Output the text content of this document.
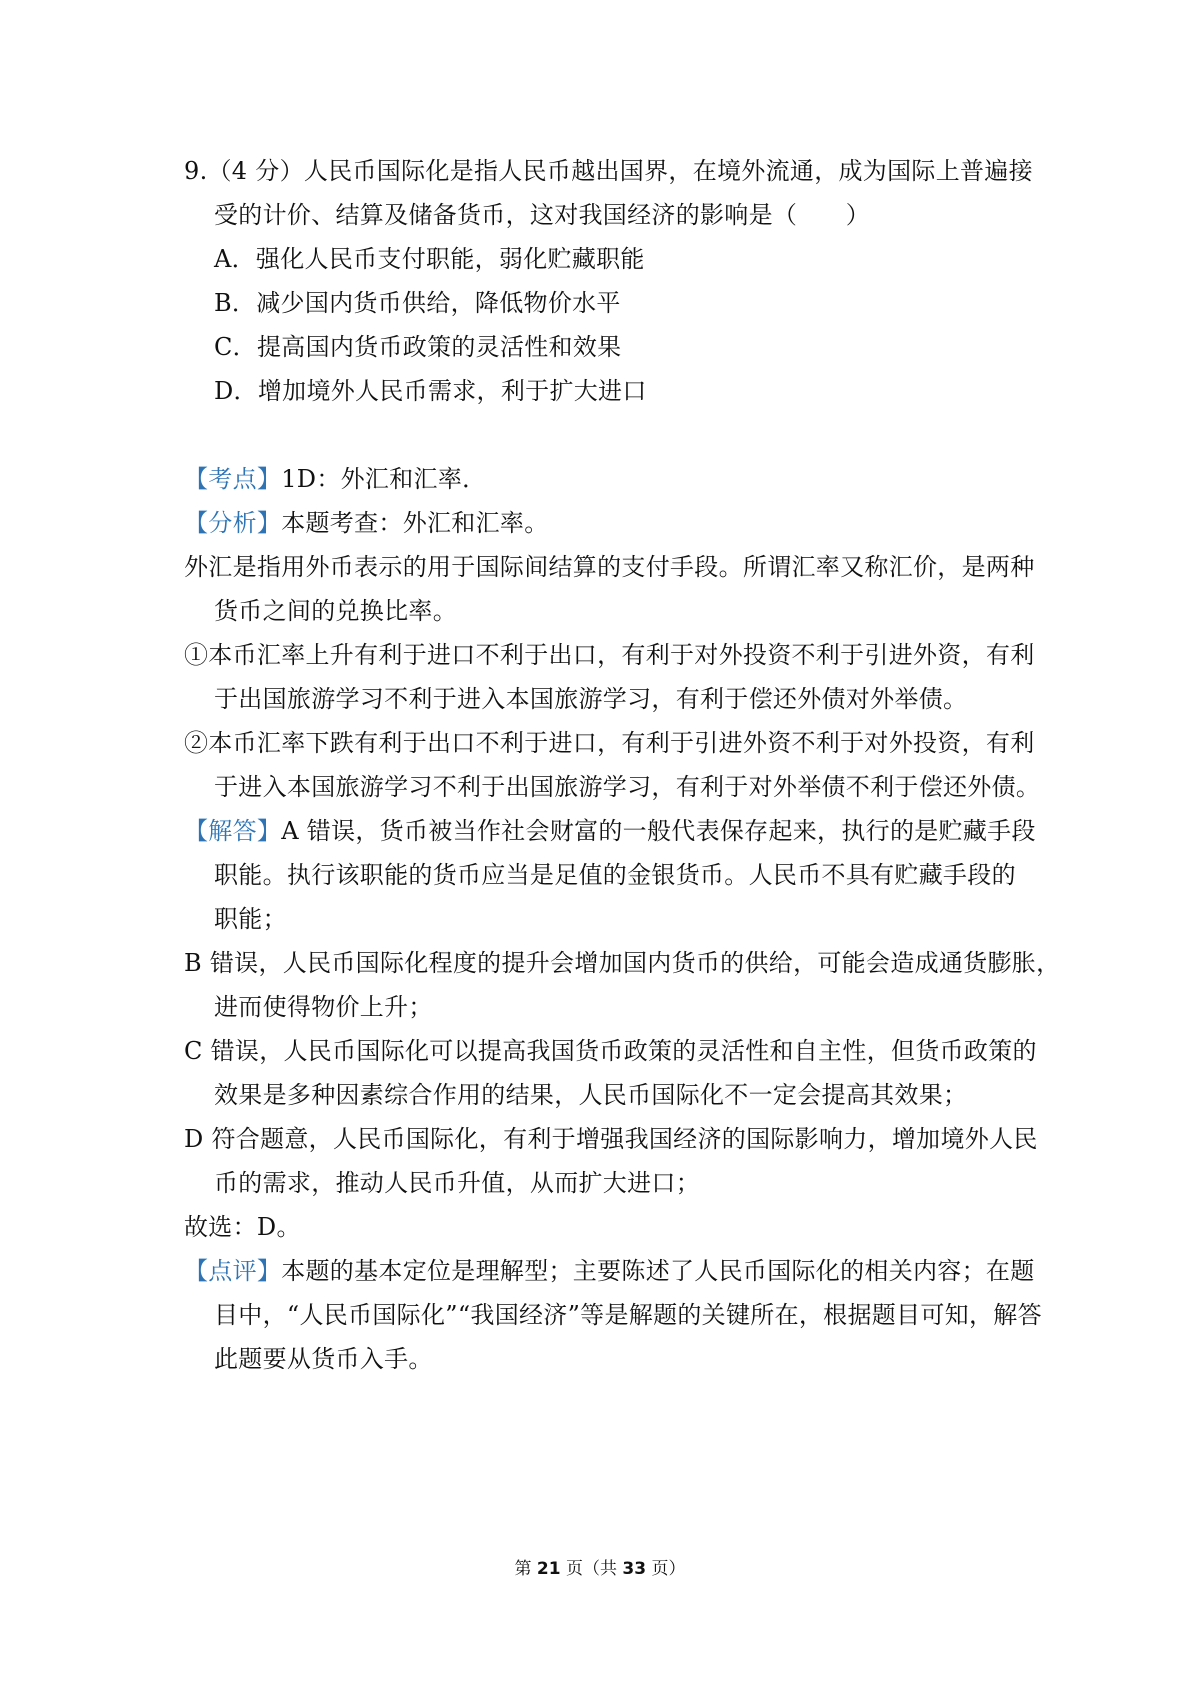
9.（4 分）人民币国际化是指人民币越出国界，在境外流通，成为国际上普遍接
受的计价、结算及储备货币，这对我国经济的影响是（　　）
A．强化人民币支付职能，弱化贮藏职能
B．减少国内货币供给，降低物价水平
C．提高国内货币政策的灵活性和效果
D．增加境外人民币需求，利于扩大进口
【考点】1D：外汇和汇率．
【分析】本题考查：外汇和汇率。
外汇是指用外币表示的用于国际间结算的支付手段。所谓汇率又称汇价，是两种
货币之间的兑换比率。
①本币汇率上升有利于进口不利于出口，有利于对外投资不利于引进外资，有利
于出国旅游学习不利于进入本国旅游学习，有利于偿还外债对外举债。
②本币汇率下跌有利于出口不利于进口，有利于引进外资不利于对外投资，有利
于进入本国旅游学习不利于出国旅游学习，有利于对外举债不利于偿还外债。
【解答】A 错误，货币被当作社会财富的一般代表保存起来，执行的是贮藏手段
职能。执行该职能的货币应当是足值的金银货币。人民币不具有贮藏手段的
职能；
B 错误，人民币国际化程度的提升会增加国内货币的供给，可能会造成通货膨胀，
进而使得物价上升；
C 错误，人民币国际化可以提高我国货币政策的灵活性和自主性，但货币政策的
效果是多种因素综合作用的结果，人民币国际化不一定会提高其效果；
D 符合题意，人民币国际化，有利于增强我国经济的国际影响力，增加境外人民
币的需求，推动人民币升值，从而扩大进口；
故选：D。
【点评】本题的基本定位是理解型；主要陈述了人民币国际化的相关内容；在题
目中，“人民币国际化”“我国经济”等是解题的关键所在，根据题目可知，解答
此题要从货币入手。
第 21 页（共 33 页）
